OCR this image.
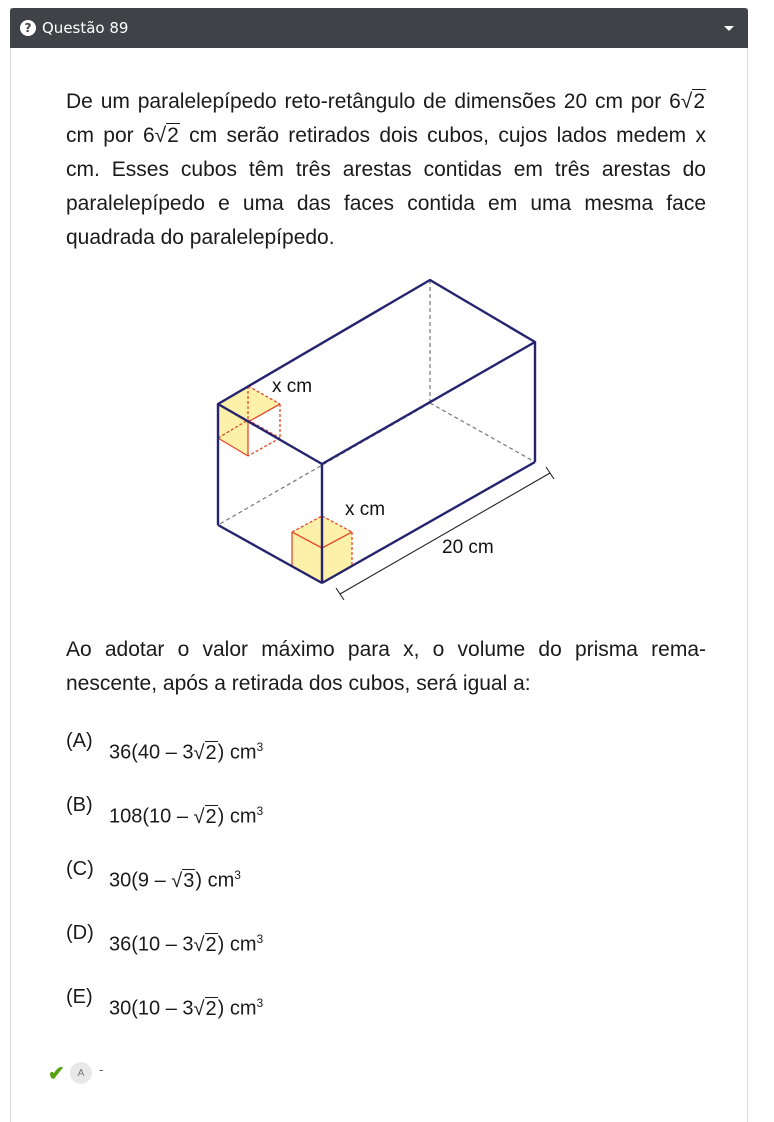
? Questão 89
De um paralelepípedo reto-retângulo de dimensões 20 cm por 6√2 cm por 6√2 cm serão retirados dois cubos, cujos lados medem x cm. Esses cubos têm três arestas contidas em três arestas do paralelepípedo e uma das faces contida em uma mesma face quadrada do paralelepípedo.
x cm
x cm
20 cm
Ao adotar o valor máximo para x, o volume do prisma rema-nescente, após a retirada dos cubos, será igual a:
(A)
36(40 – 3√2) $cm^3$
(B)
108(10 – √2) $cm^3$
(C)
30(9 – √3) $cm^3$
(D)
36(10 – 3√2) $cm^3$
(E)
30(10 – 3√2) $cm^3$
✔	A	-
